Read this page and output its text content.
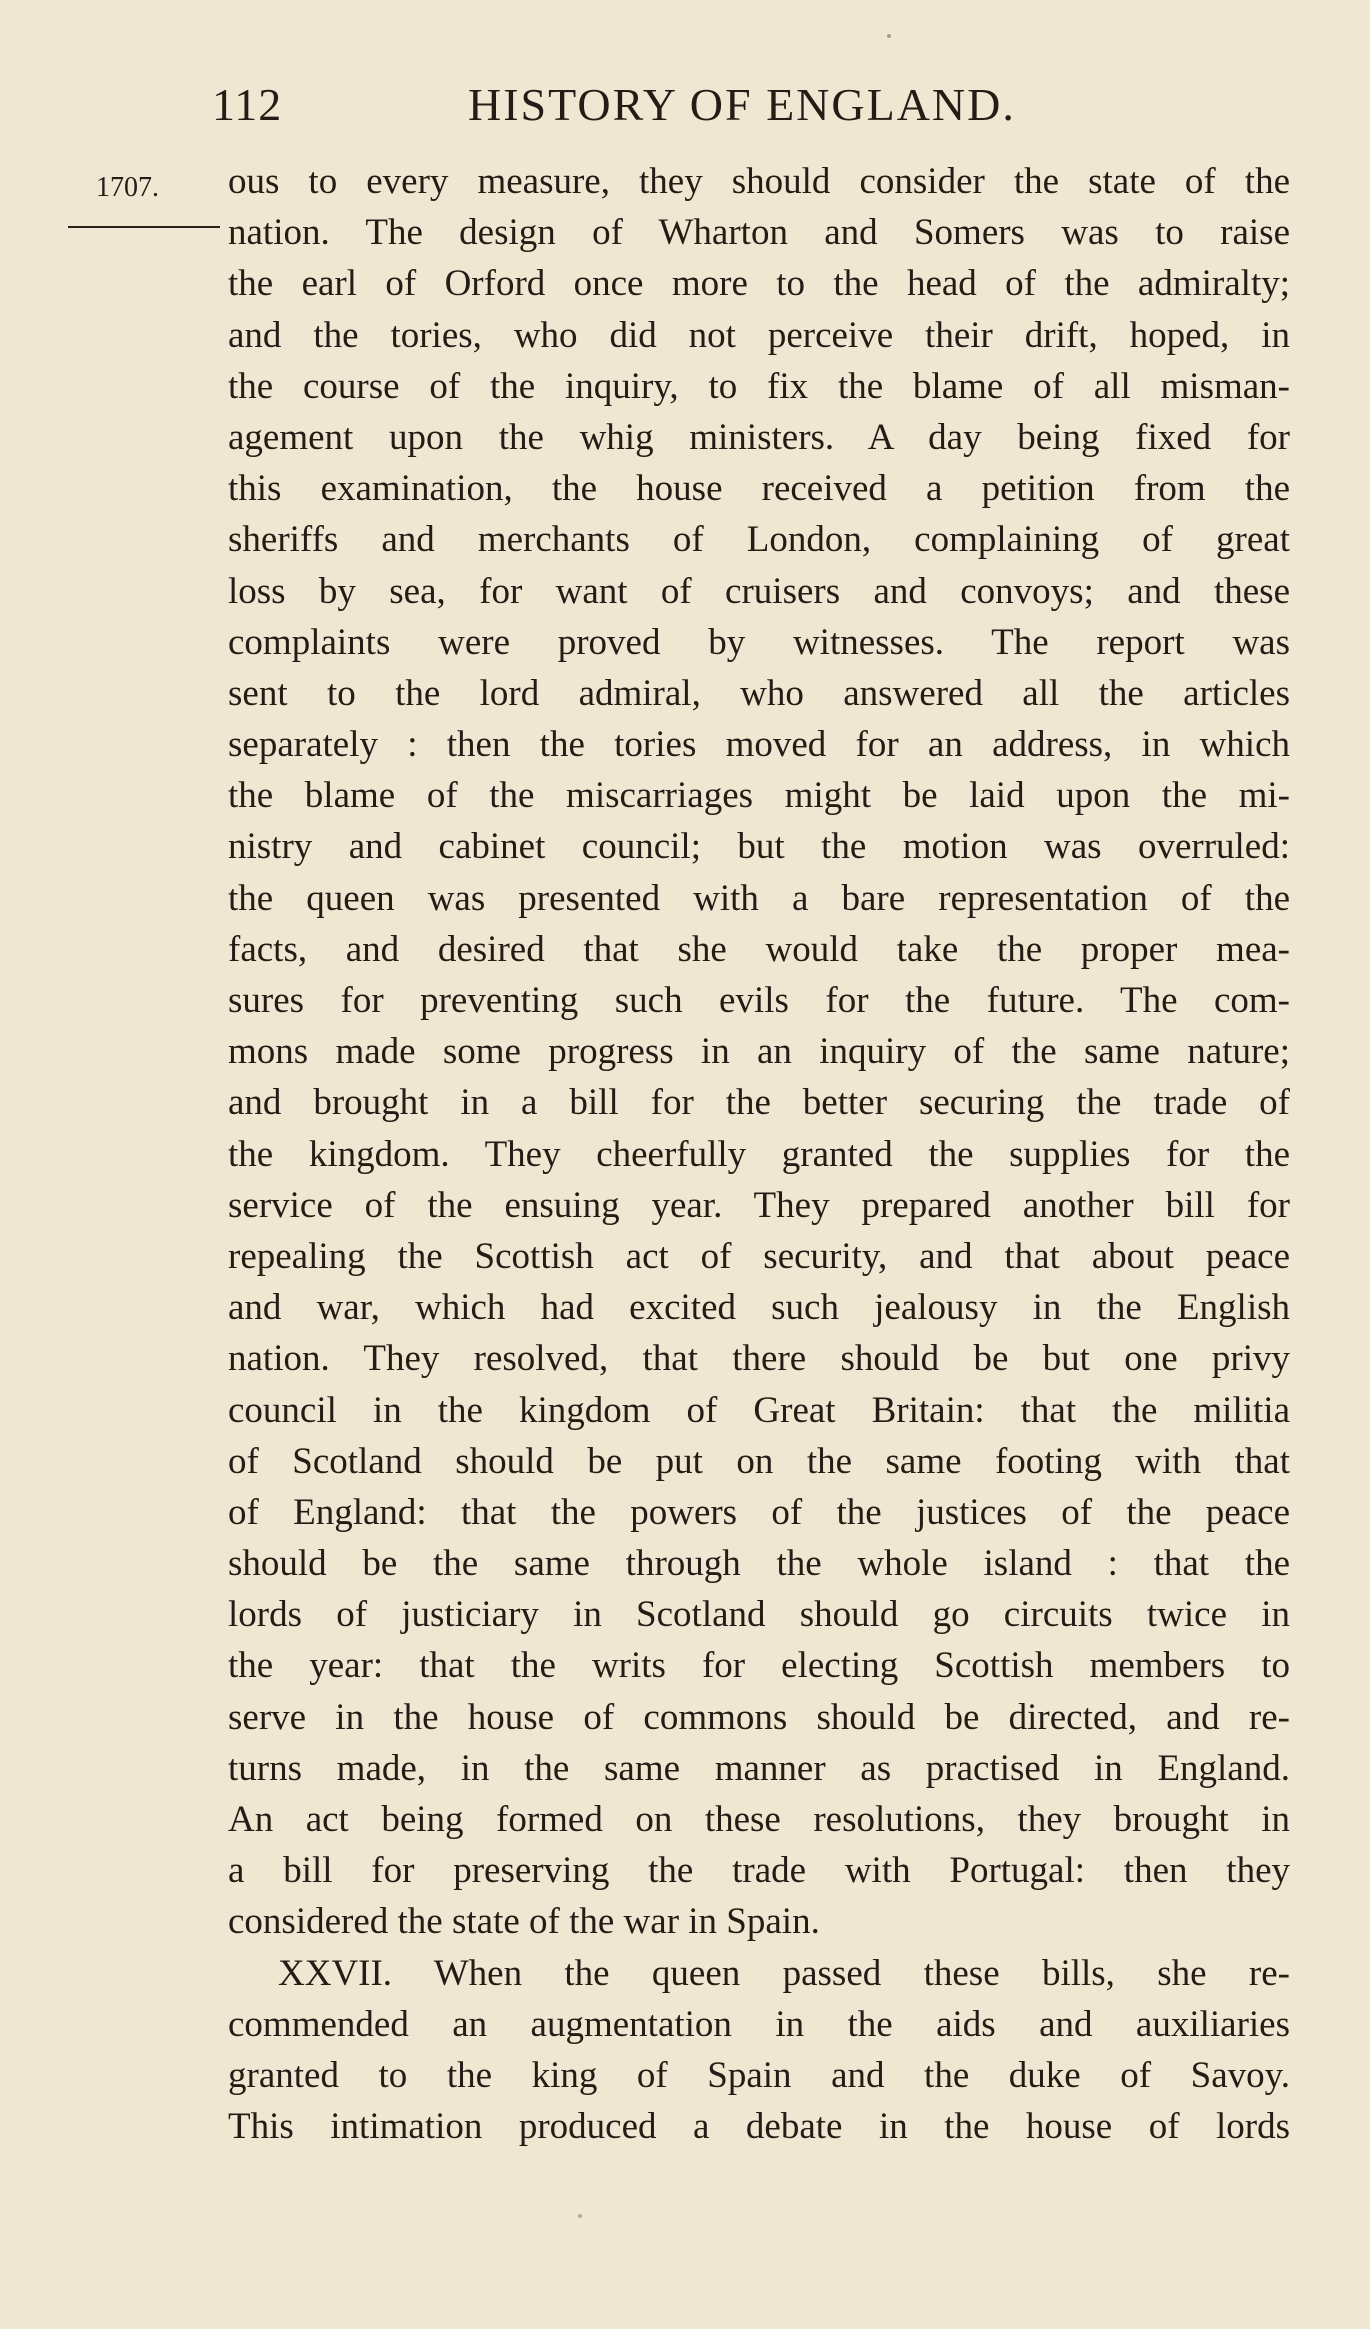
112	HISTORY OF ENGLAND.
1707. ous to every measure, they should consider the state of the
nation. The design of Wharton and Somers was to raise
the earl of Orford once more to the head of the admiralty;
and the tories, who did not perceive their drift, hoped, in
the course of the inquiry, to fix the blame of all misman-
agement upon the whig ministers. A day being fixed for
this examination, the house received a petition from the
sheriffs and merchants of London, complaining of great
loss by sea, for want of cruisers and convoys; and these
complaints were proved by witnesses. The report was
sent to the lord admiral, who answered all the articles
separately : then the tories moved for an address, in which
the blame of the miscarriages might be laid upon the mi-
nistry and cabinet council; but the motion was overruled:
the queen was presented with a bare representation of the
facts, and desired that she would take the proper mea-
sures for preventing such evils for the future. The com-
mons made some progress in an inquiry of the same nature;
and brought in a bill for the better securing the trade of
the kingdom. They cheerfully granted the supplies for the
service of the ensuing year. They prepared another bill for
repealing the Scottish act of security, and that about peace
and war, which had excited such jealousy in the English
nation. They resolved, that there should be but one privy
council in the kingdom of Great Britain: that the militia
of Scotland should be put on the same footing with that
of England: that the powers of the justices of the peace
should be the same through the whole island : that the
lords of justiciary in Scotland should go circuits twice in
the year: that the writs for electing Scottish members to
serve in the house of commons should be directed, and re-
turns made, in the same manner as practised in England.
An act being formed on these resolutions, they brought in
a bill for preserving the trade with Portugal: then they
considered the state of the war in Spain.
XXVII. When the queen passed these bills, she re-
commended an augmentation in the aids and auxiliaries
granted to the king of Spain and the duke of Savoy.
This intimation produced a debate in the house of lords
